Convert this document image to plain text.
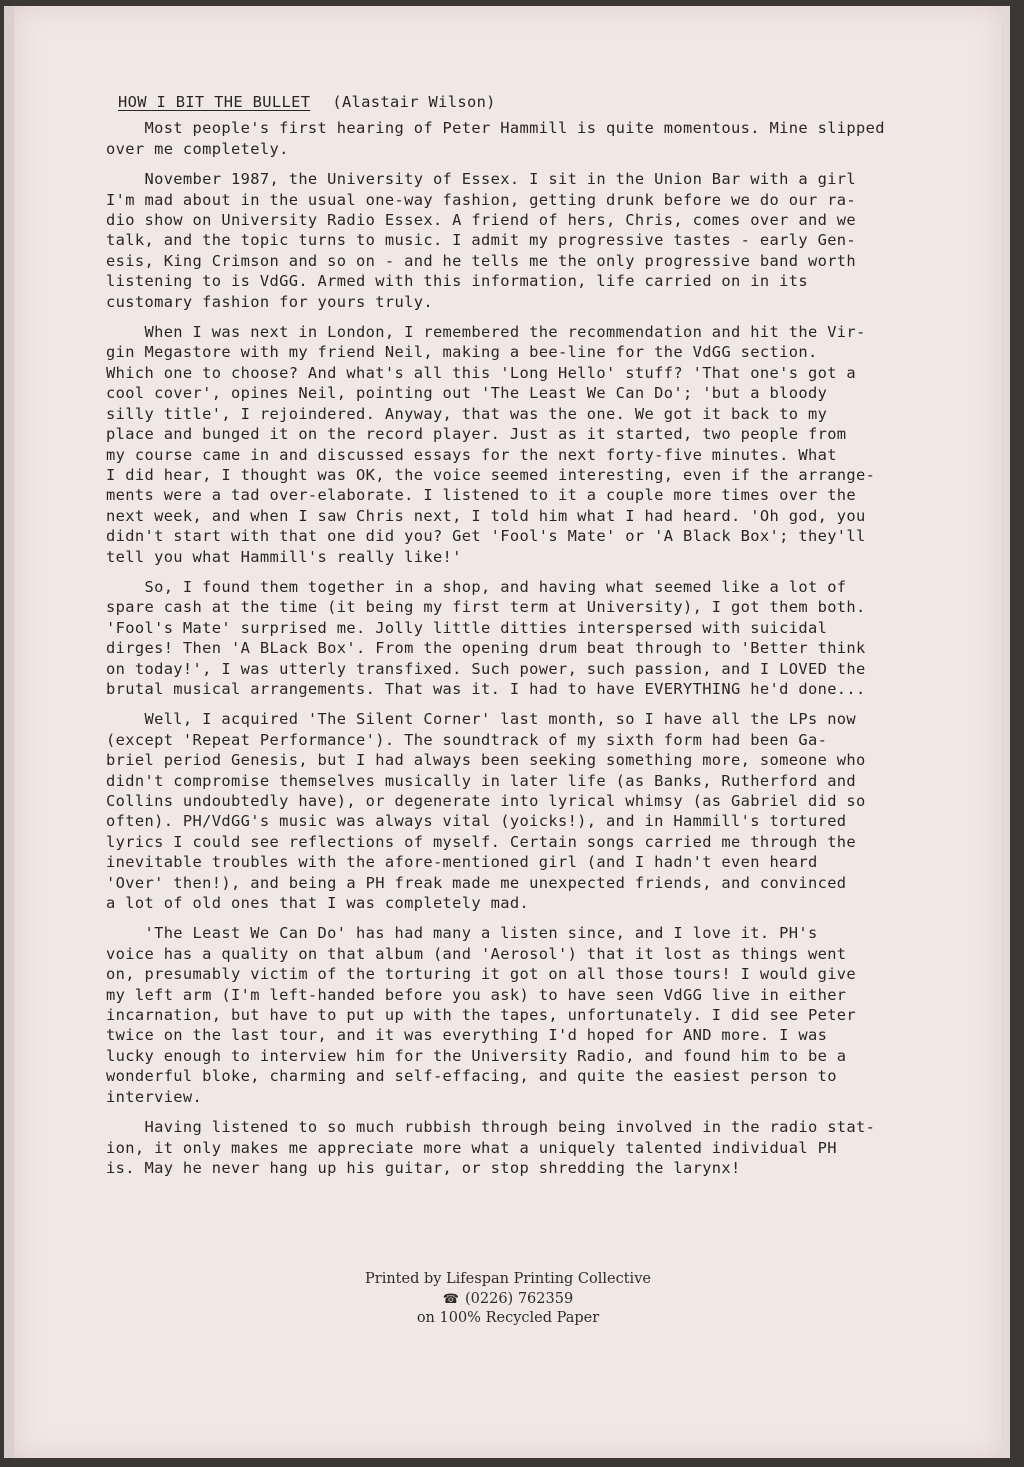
HOW I BIT THE BULLET (Alastair Wilson)
Most people's first hearing of Peter Hammill is quite momentous. Mine slipped
over me completely.
November 1987, the University of Essex. I sit in the Union Bar with a girl
I'm mad about in the usual one-way fashion, getting drunk before we do our ra-
dio show on University Radio Essex. A friend of hers, Chris, comes over and we
talk, and the topic turns to music. I admit my progressive tastes - early Gen-
esis, King Crimson and so on - and he tells me the only progressive band worth
listening to is VdGG. Armed with this information, life carried on in its
customary fashion for yours truly.
When I was next in London, I remembered the recommendation and hit the Vir-
gin Megastore with my friend Neil, making a bee-line for the VdGG section.
Which one to choose? And what's all this 'Long Hello' stuff? 'That one's got a
cool cover', opines Neil, pointing out 'The Least We Can Do'; 'but a bloody
silly title', I rejoindered. Anyway, that was the one. We got it back to my
place and bunged it on the record player. Just as it started, two people from
my course came in and discussed essays for the next forty-five minutes. What
I did hear, I thought was OK, the voice seemed interesting, even if the arrange-
ments were a tad over-elaborate. I listened to it a couple more times over the
next week, and when I saw Chris next, I told him what I had heard. 'Oh god, you
didn't start with that one did you? Get 'Fool's Mate' or 'A Black Box'; they'll
tell you what Hammill's really like!'
So, I found them together in a shop, and having what seemed like a lot of
spare cash at the time (it being my first term at University), I got them both.
'Fool's Mate' surprised me. Jolly little ditties interspersed with suicidal
dirges! Then 'A BLack Box'. From the opening drum beat through to 'Better think
on today!', I was utterly transfixed. Such power, such passion, and I LOVED the
brutal musical arrangements. That was it. I had to have EVERYTHING he'd done...
Well, I acquired 'The Silent Corner' last month, so I have all the LPs now
(except 'Repeat Performance'). The soundtrack of my sixth form had been Ga-
briel period Genesis, but I had always been seeking something more, someone who
didn't compromise themselves musically in later life (as Banks, Rutherford and
Collins undoubtedly have), or degenerate into lyrical whimsy (as Gabriel did so
often). PH/VdGG's music was always vital (yoicks!), and in Hammill's tortured
lyrics I could see reflections of myself. Certain songs carried me through the
inevitable troubles with the afore-mentioned girl (and I hadn't even heard
'Over' then!), and being a PH freak made me unexpected friends, and convinced
a lot of old ones that I was completely mad.
'The Least We Can Do' has had many a listen since, and I love it. PH's
voice has a quality on that album (and 'Aerosol') that it lost as things went
on, presumably victim of the torturing it got on all those tours! I would give
my left arm (I'm left-handed before you ask) to have seen VdGG live in either
incarnation, but have to put up with the tapes, unfortunately. I did see Peter
twice on the last tour, and it was everything I'd hoped for AND more. I was
lucky enough to interview him for the University Radio, and found him to be a
wonderful bloke, charming and self-effacing, and quite the easiest person to
interview.
Having listened to so much rubbish through being involved in the radio stat-
ion, it only makes me appreciate more what a uniquely talented individual PH
is. May he never hang up his guitar, or stop shredding the larynx!
Printed by Lifespan Printing Collective
☎ (0226) 762359
on 100% Recycled Paper
